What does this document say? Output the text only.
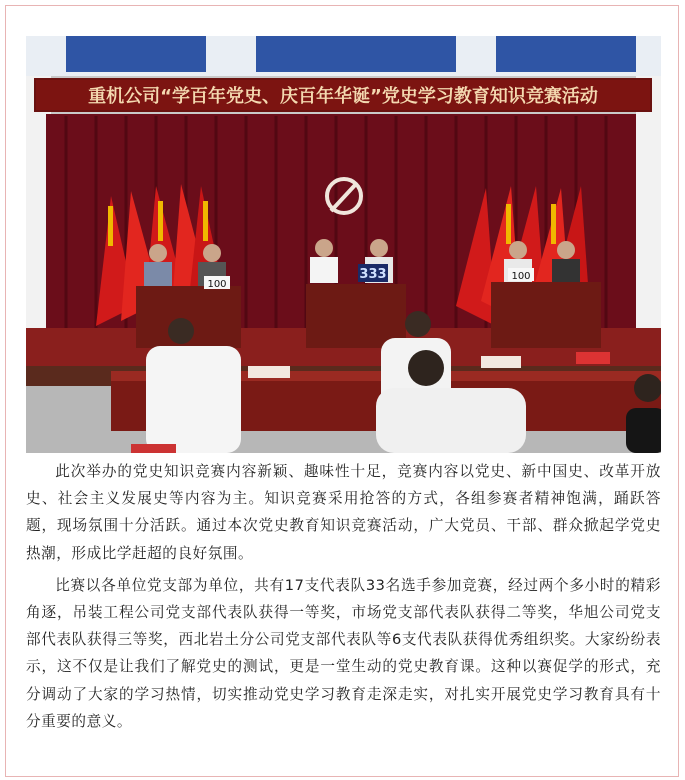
重机公司“学百年党史、庆百年华诞”党史学习教育知识竞赛活动
100
100
333

此次举办的党史知识竞赛内容新颖、趣味性十足，竞赛内容以党史、新中国史、改革开放史、社会主义发展史等内容为主。知识竞赛采用抢答的方式，各组参赛者精神饱满，踊跃答题，现场氛围十分活跃。通过本次党史教育知识竞赛活动，广大党员、干部、群众掀起学党史热潮，形成比学赶超的良好氛围。

比赛以各单位党支部为单位，共有17支代表队33名选手参加竞赛，经过两个多小时的精彩角逐，吊装工程公司党支部代表队获得一等奖，市场党支部代表队获得二等奖，华旭公司党支部代表队获得三等奖，西北岩土分公司党支部代表队等6支代表队获得优秀组织奖。大家纷纷表示，这不仅是让我们了解党史的测试，更是一堂生动的党史教育课。这种以赛促学的形式，充分调动了大家的学习热情，切实推动党史学习教育走深走实，对扎实开展党史学习教育具有十分重要的意义。
